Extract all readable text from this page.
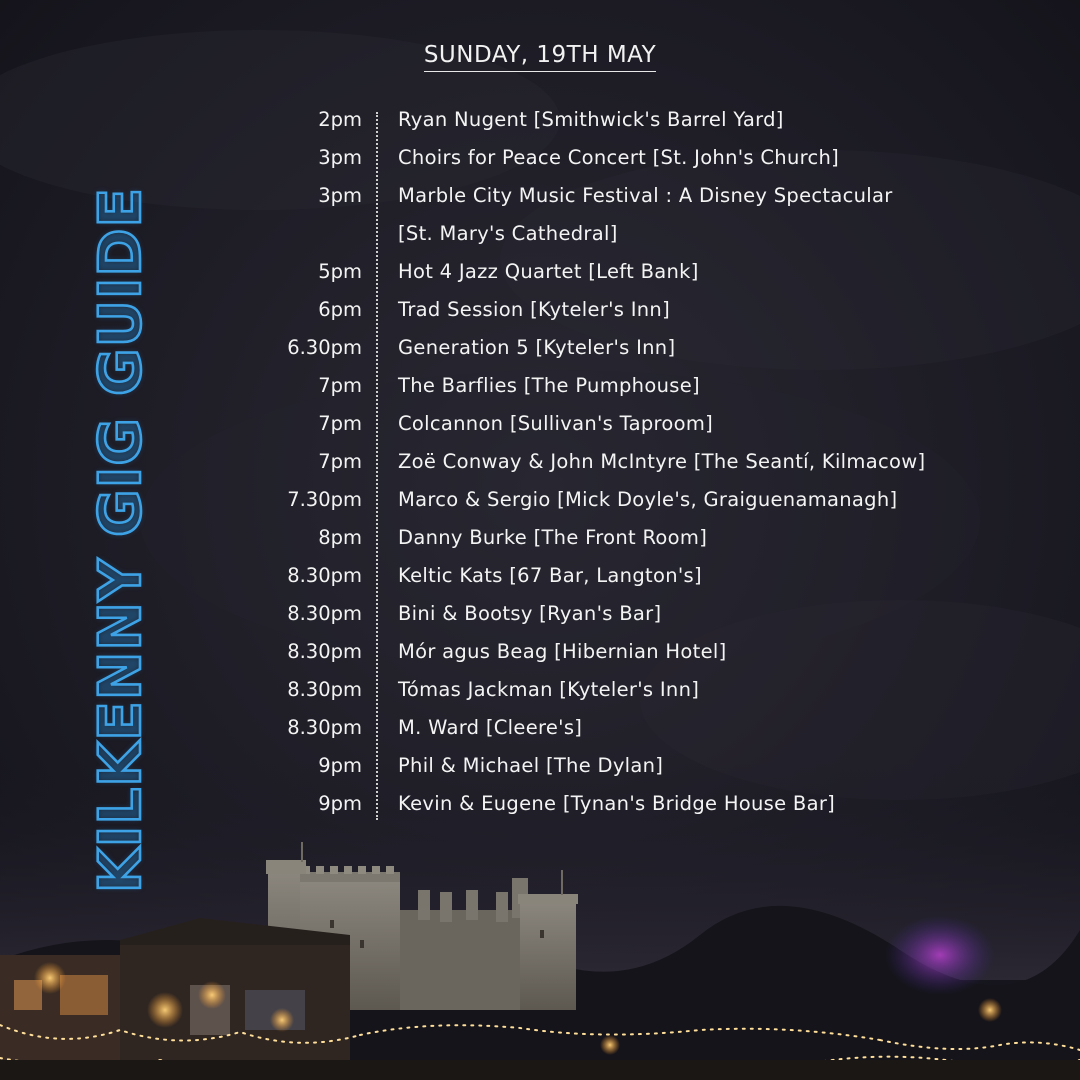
SUNDAY, 19TH MAY
KILKENNY GIG GUIDE
2pm Ryan Nugent [Smithwick's Barrel Yard]
3pm Choirs for Peace Concert [St. John's Church]
3pm Marble City Music Festival : A Disney Spectacular
[St. Mary's Cathedral]
5pm Hot 4 Jazz Quartet [Left Bank]
6pm Trad Session [Kyteler's Inn]
6.30pm Generation 5 [Kyteler's Inn]
7pm The Barflies [The Pumphouse]
7pm Colcannon [Sullivan's Taproom]
7pm Zoë Conway & John McIntyre [The Seantí, Kilmacow]
7.30pm Marco & Sergio [Mick Doyle's, Graiguenamanagh]
8pm Danny Burke [The Front Room]
8.30pm Keltic Kats [67 Bar, Langton's]
8.30pm Bini & Bootsy [Ryan's Bar]
8.30pm Mór agus Beag [Hibernian Hotel]
8.30pm Tómas Jackman [Kyteler's Inn]
8.30pm M. Ward [Cleere's]
9pm Phil & Michael [The Dylan]
9pm Kevin & Eugene [Tynan's Bridge House Bar]
